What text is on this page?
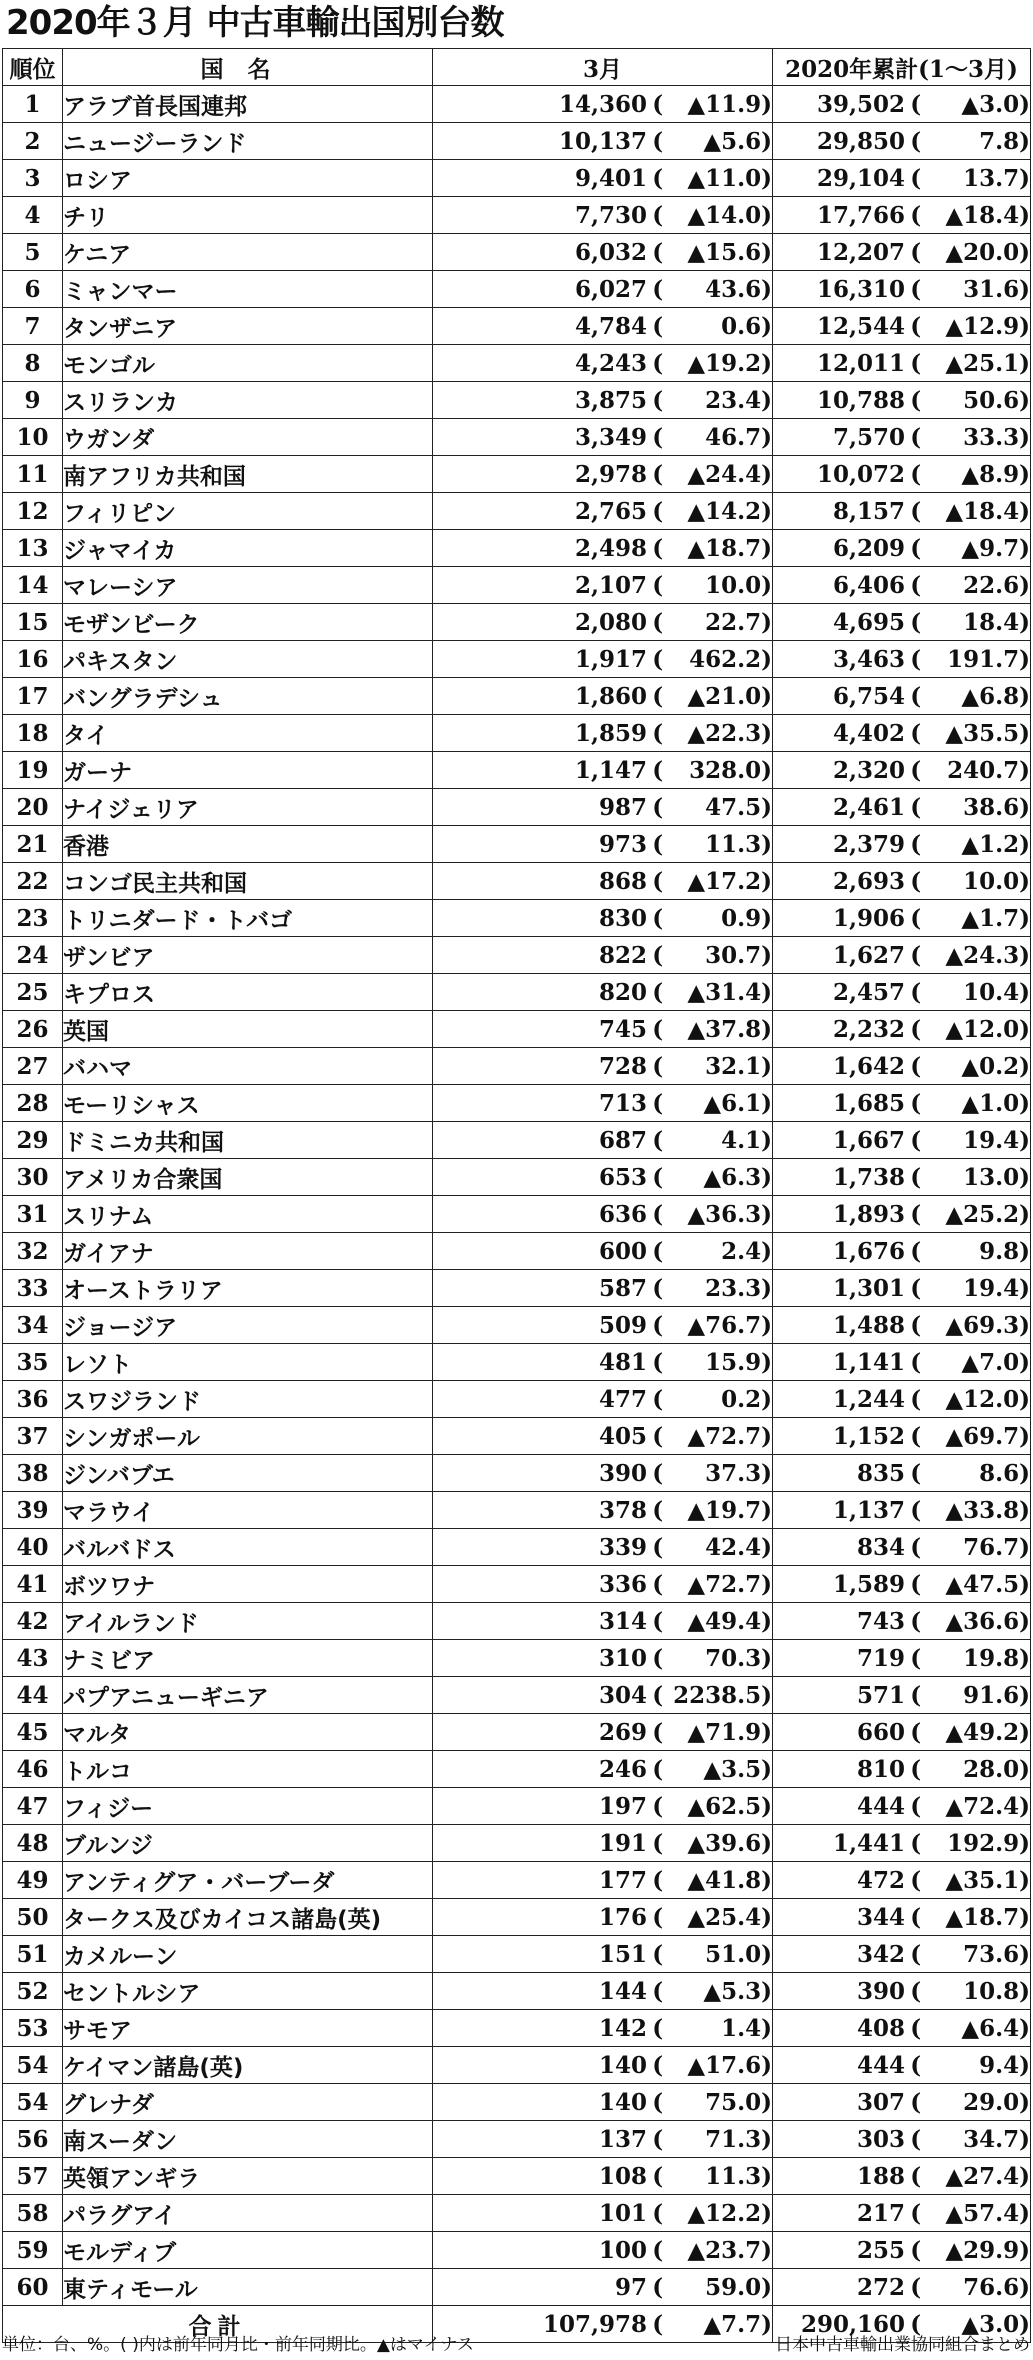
2020年３月 中古車輸出国別台数
順位	国名	3月	2020年累計(1～3月)
1	アラブ首長国連邦	14,360 ( ▲11.9)	39,502 ( ▲3.0)
2	ニュージーランド	10,137 ( ▲5.6)	29,850 ( 7.8)
3	ロシア	9,401 ( ▲11.0)	29,104 ( 13.7)
4	チリ	7,730 ( ▲14.0)	17,766 ( ▲18.4)
5	ケニア	6,032 ( ▲15.6)	12,207 ( ▲20.0)
6	ミャンマー	6,027 ( 43.6)	16,310 ( 31.6)
7	タンザニア	4,784 ( 0.6)	12,544 ( ▲12.9)
8	モンゴル	4,243 ( ▲19.2)	12,011 ( ▲25.1)
9	スリランカ	3,875 ( 23.4)	10,788 ( 50.6)
10	ウガンダ	3,349 ( 46.7)	7,570 ( 33.3)
11	南アフリカ共和国	2,978 ( ▲24.4)	10,072 ( ▲8.9)
12	フィリピン	2,765 ( ▲14.2)	8,157 ( ▲18.4)
13	ジャマイカ	2,498 ( ▲18.7)	6,209 ( ▲9.7)
14	マレーシア	2,107 ( 10.0)	6,406 ( 22.6)
15	モザンビーク	2,080 ( 22.7)	4,695 ( 18.4)
16	パキスタン	1,917 ( 462.2)	3,463 ( 191.7)
17	バングラデシュ	1,860 ( ▲21.0)	6,754 ( ▲6.8)
18	タイ	1,859 ( ▲22.3)	4,402 ( ▲35.5)
19	ガーナ	1,147 ( 328.0)	2,320 ( 240.7)
20	ナイジェリア	987 ( 47.5)	2,461 ( 38.6)
21	香港	973 ( 11.3)	2,379 ( ▲1.2)
22	コンゴ民主共和国	868 ( ▲17.2)	2,693 ( 10.0)
23	トリニダード・トバゴ	830 ( 0.9)	1,906 ( ▲1.7)
24	ザンビア	822 ( 30.7)	1,627 ( ▲24.3)
25	キプロス	820 ( ▲31.4)	2,457 ( 10.4)
26	英国	745 ( ▲37.8)	2,232 ( ▲12.0)
27	バハマ	728 ( 32.1)	1,642 ( ▲0.2)
28	モーリシャス	713 ( ▲6.1)	1,685 ( ▲1.0)
29	ドミニカ共和国	687 ( 4.1)	1,667 ( 19.4)
30	アメリカ合衆国	653 ( ▲6.3)	1,738 ( 13.0)
31	スリナム	636 ( ▲36.3)	1,893 ( ▲25.2)
32	ガイアナ	600 ( 2.4)	1,676 ( 9.8)
33	オーストラリア	587 ( 23.3)	1,301 ( 19.4)
34	ジョージア	509 ( ▲76.7)	1,488 ( ▲69.3)
35	レソト	481 ( 15.9)	1,141 ( ▲7.0)
36	スワジランド	477 ( 0.2)	1,244 ( ▲12.0)
37	シンガポール	405 ( ▲72.7)	1,152 ( ▲69.7)
38	ジンバブエ	390 ( 37.3)	835 ( 8.6)
39	マラウイ	378 ( ▲19.7)	1,137 ( ▲33.8)
40	バルバドス	339 ( 42.4)	834 ( 76.7)
41	ボツワナ	336 ( ▲72.7)	1,589 ( ▲47.5)
42	アイルランド	314 ( ▲49.4)	743 ( ▲36.6)
43	ナミビア	310 ( 70.3)	719 ( 19.8)
44	パプアニューギニア	304 ( 2238.5)	571 ( 91.6)
45	マルタ	269 ( ▲71.9)	660 ( ▲49.2)
46	トルコ	246 ( ▲3.5)	810 ( 28.0)
47	フィジー	197 ( ▲62.5)	444 ( ▲72.4)
48	ブルンジ	191 ( ▲39.6)	1,441 ( 192.9)
49	アンティグア・バーブーダ	177 ( ▲41.8)	472 ( ▲35.1)
50	タークス及びカイコス諸島(英)	176 ( ▲25.4)	344 ( ▲18.7)
51	カメルーン	151 ( 51.0)	342 ( 73.6)
52	セントルシア	144 ( ▲5.3)	390 ( 10.8)
53	サモア	142 ( 1.4)	408 ( ▲6.4)
54	ケイマン諸島(英)	140 ( ▲17.6)	444 ( 9.4)
54	グレナダ	140 ( 75.0)	307 ( 29.0)
56	南スーダン	137 ( 71.3)	303 ( 34.7)
57	英領アンギラ	108 ( 11.3)	188 ( ▲27.4)
58	パラグアイ	101 ( ▲12.2)	217 ( ▲57.4)
59	モルディブ	100 ( ▲23.7)	255 ( ▲29.9)
60	東ティモール	97 ( 59.0)	272 ( 76.6)
合計		107,978 ( ▲7.7)	290,160 ( ▲3.0)
単位：台、%。( )内は前年同月比・前年同期比。▲はマイナス	日本中古車輸出業協同組合まとめ
